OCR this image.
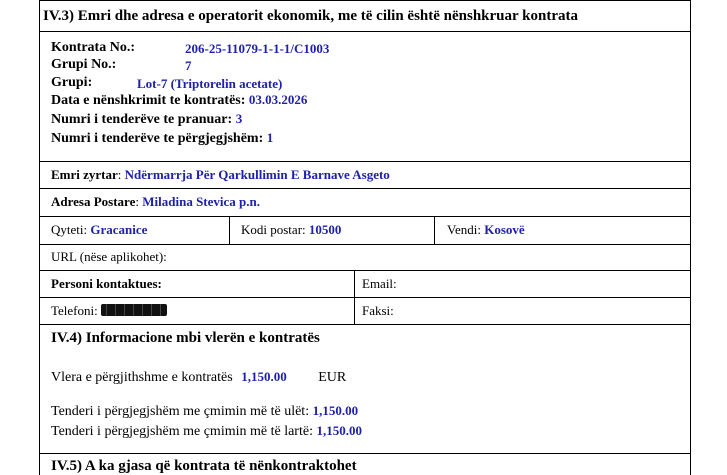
IV.3) Emri dhe adresa e operatorit ekonomik, me të cilin është nënshkruar kontrata
Kontrata No.:	206-25-11079-1-1-1/C1003
Grupi No.:	7
Grupi:	Lot-7 (Triptorelin acetate)
Data e nënshkrimit te kontratës: 03.03.2026
Numri i tenderëve te pranuar: 3
Numri i tenderëve te përgjegjshëm: 1
Emri zyrtar: Ndërmarrja Për Qarkullimin E Barnave Asgeto
Adresa Postare: Miladina Stevica p.n.
Qyteti: Gracanice	Kodi postar: 10500	Vendi: Kosovë
URL (nëse aplikohet):
Personi kontaktues:	Email:
Telefoni:	Faksi:
IV.4) Informacione mbi vlerën e kontratës
Vlera e përgjithshme e kontratës 1,150.00 EUR
Tenderi i përgjegjshëm me çmimin më të ulët: 1,150.00
Tenderi i përgjegjshëm me çmimin më të lartë: 1,150.00
IV.5) A ka gjasa që kontrata të nënkontraktohet
